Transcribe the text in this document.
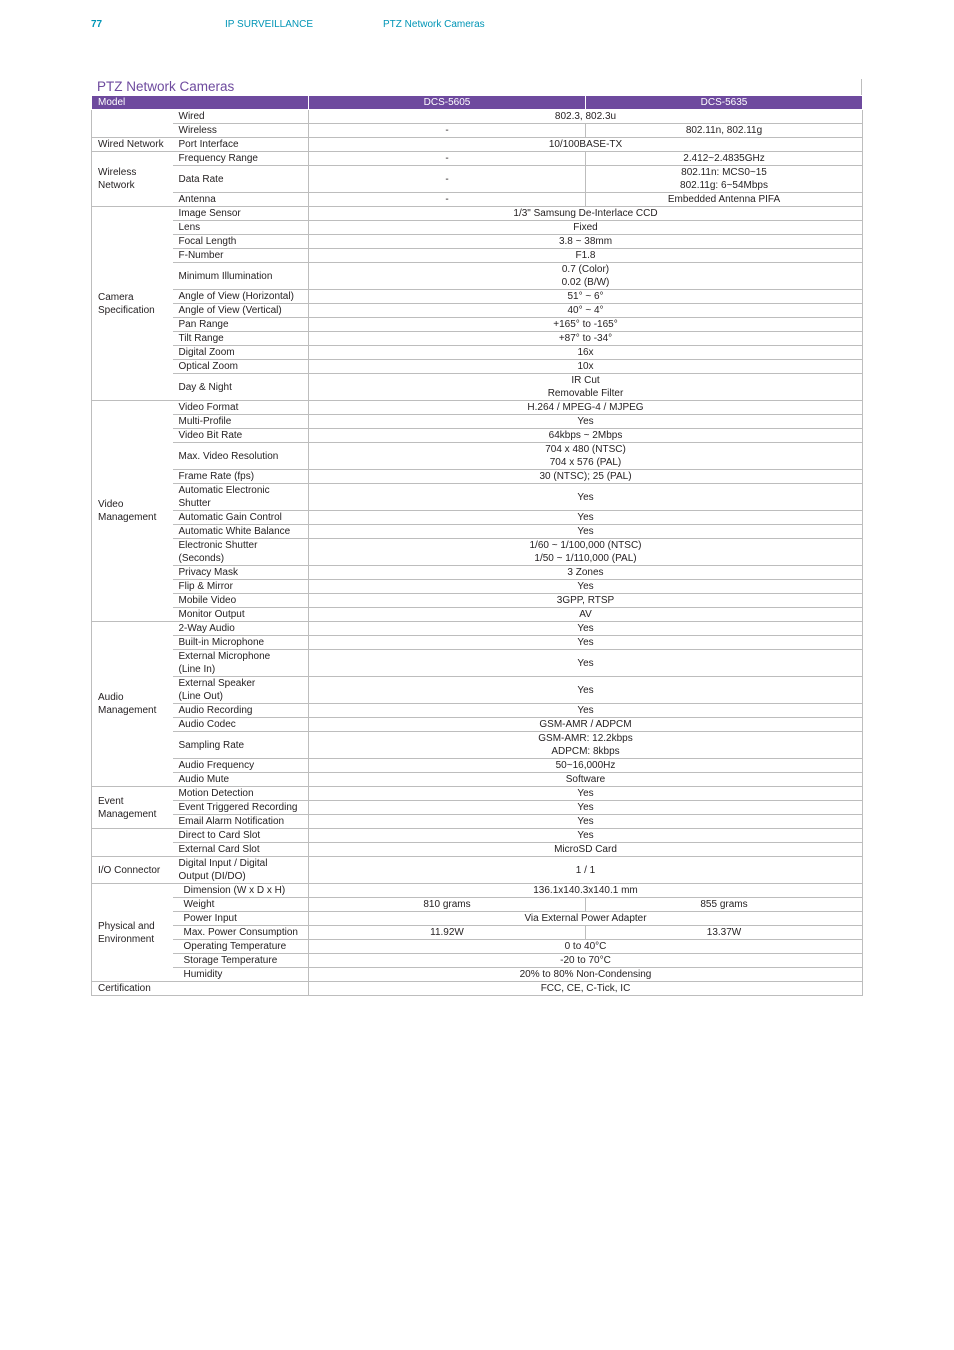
77	IP SURVEILLANCE	PTZ Network Cameras
PTZ Network Cameras
Model		DCS-5605	DCS-5635
	Wired	802.3, 802.3u	
	Wireless	-	802.11n, 802.11g
Wired Network	Port Interface	10/100BASE-TX	
Wireless Network	Frequency Range	-	2.412~2.4835GHz
	Data Rate	-	802.11n: MCS0~15
802.11g: 6~54Mbps
	Antenna	-	Embedded Antenna PIFA
Camera Specification	Image Sensor	1/3" Samsung De-Interlace CCD	
	Lens	Fixed	
	Focal Length	3.8 ~ 38mm	
	F-Number	F1.8	
	Minimum Illumination	0.7 (Color)
0.02 (B/W)	
	Angle of View (Horizontal)	51° ~ 6°	
	Angle of View (Vertical)	40° ~ 4°	
	Pan Range	+165° to -165°	
	Tilt Range	+87° to -34°	
	Digital Zoom	16x	
	Optical Zoom	10x	
	Day & Night	IR Cut
Removable Filter	
Video Management	Video Format	H.264 / MPEG-4 / MJPEG	
	Multi-Profile	Yes	
	Video Bit Rate	64kbps ~ 2Mbps	
	Max. Video Resolution	704 x 480 (NTSC)
704 x 576 (PAL)	
	Frame Rate (fps)	30 (NTSC); 25 (PAL)	
	Automatic Electronic
Shutter	Yes	
	Automatic Gain Control	Yes	
	Automatic White Balance	Yes	
	Electronic Shutter
(Seconds)	1/60 ~ 1/100,000 (NTSC)
1/50 ~ 1/110,000 (PAL)	
	Privacy Mask	3 Zones	
	Flip & Mirror	Yes	
	Mobile Video	3GPP, RTSP	
	Monitor Output	AV	
Audio Management	2-Way Audio	Yes	
	Built-in Microphone	Yes	
	External Microphone
(Line In)	Yes	
	External Speaker
(Line Out)	Yes	
	Audio Recording	Yes	
	Audio Codec	GSM-AMR / ADPCM	
	Sampling Rate	GSM-AMR: 12.2kbps
ADPCM: 8kbps	
	Audio Frequency	50~16,000Hz	
	Audio Mute	Software	
Event Management	Motion Detection	Yes	
	Event Triggered Recording	Yes	
	Email Alarm Notification	Yes	
	Direct to Card Slot	Yes	
	External Card Slot	MicroSD Card	
I/O Connector	Digital Input / Digital
Output (DI/DO)	1 / 1	
Physical and Environment	Dimension (W x D x H)	136.1x140.3x140.1 mm	
	Weight	810 grams	855 grams
	Power Input	Via External Power Adapter	
	Max. Power Consumption	11.92W	13.37W
	Operating Temperature	0 to 40°C	
	Storage Temperature	-20 to 70°C	
	Humidity	20% to 80% Non-Condensing	
Certification		FCC, CE, C-Tick, IC	
